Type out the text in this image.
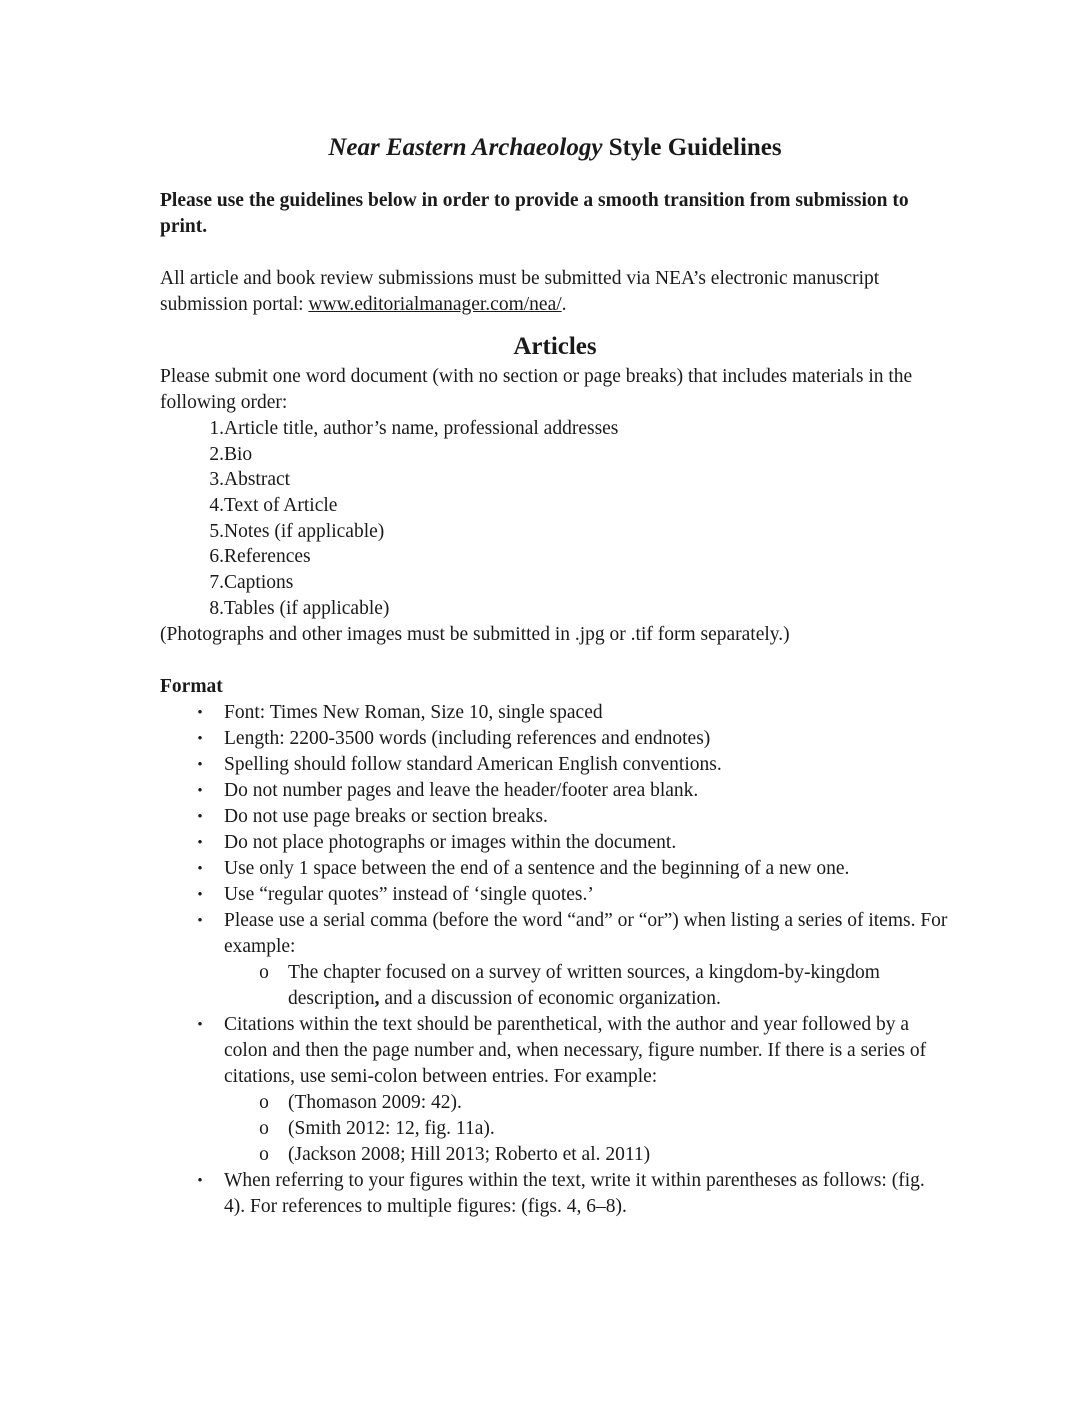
Near Eastern Archaeology Style Guidelines

Please use the guidelines below in order to provide a smooth transition from submission to print.

All article and book review submissions must be submitted via NEA’s electronic manuscript submission portal: www.editorialmanager.com/nea/.

Articles

Please submit one word document (with no section or page breaks) that includes materials in the following order:

1. Article title, author’s name, professional addresses
2. Bio
3. Abstract
4. Text of Article
5. Notes (if applicable)
6. References
7. Captions
8. Tables (if applicable)

(Photographs and other images must be submitted in .jpg or .tif form separately.)

Format
• Font: Times New Roman, Size 10, single spaced
• Length: 2200-3500 words (including references and endnotes)
• Spelling should follow standard American English conventions.
• Do not number pages and leave the header/footer area blank.
• Do not use page breaks or section breaks.
• Do not place photographs or images within the document.
• Use only 1 space between the end of a sentence and the beginning of a new one.
• Use “regular quotes” instead of ‘single quotes.’
• Please use a serial comma (before the word “and” or “or”) when listing a series of items. For example:
o The chapter focused on a survey of written sources, a kingdom-by-kingdom description, and a discussion of economic organization.
• Citations within the text should be parenthetical, with the author and year followed by a colon and then the page number and, when necessary, figure number. If there is a series of citations, use semi-colon between entries. For example:
o (Thomason 2009: 42).
o (Smith 2012: 12, fig. 11a).
o (Jackson 2008; Hill 2013; Roberto et al. 2011)
• When referring to your figures within the text, write it within parentheses as follows: (fig. 4). For references to multiple figures: (figs. 4, 6–8).
